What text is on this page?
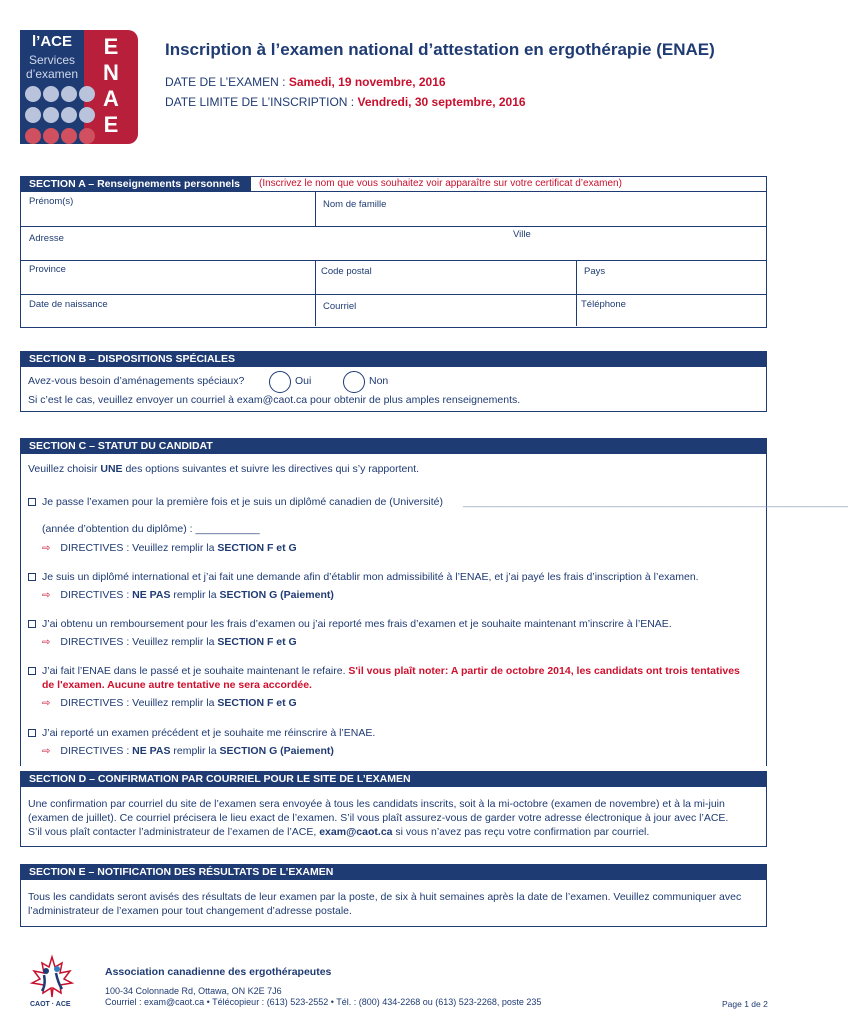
l’ACE
Services
d’examen

E
N
A
E
Inscription à l’examen national d’attestation en ergothérapie (ENAE)
DATE DE L’EXAMEN : Samedi, 19 novembre, 2016
DATE LIMITE DE L’INSCRIPTION : Vendredi, 30 septembre, 2016
SECTION A – Renseignements personnels	(Inscrivez le nom que vous souhaitez voir apparaître sur votre certificat d’examen)
Prénom(s)	Nom de famille
Adresse	Ville
Province	Code postal	Pays
Date de naissance	Courriel	Téléphone
SECTION B – DISPOSITIONS SPÉCIALES
Avez-vous besoin d’aménagements spéciaux?	Oui	Non
Si c’est le cas, veuillez envoyer un courriel à exam@caot.ca pour obtenir de plus amples renseignements.
SECTION C – STATUT DU CANDIDAT
Veuillez choisir UNE des options suivantes et suivre les directives qui s’y rapportent.
Je passe l’examen pour la première fois et je suis un diplômé canadien de (Université) __________________________________________________________________
(année d’obtention du diplôme) : ___________
⇨ DIRECTIVES : Veuillez remplir la SECTION F et G
Je suis un diplômé international et j’ai fait une demande afin d’établir mon admissibilité à l’ENAE, et j’ai payé les frais d’inscription à l’examen.
⇨ DIRECTIVES : NE PAS remplir la SECTION G (Paiement)
J’ai obtenu un remboursement pour les frais d’examen ou j’ai reporté mes frais d’examen et je souhaite maintenant m’inscrire à l’ENAE.
⇨ DIRECTIVES : Veuillez remplir la SECTION F et G
J’ai fait l’ENAE dans le passé et je souhaite maintenant le refaire. S'il vous plaît noter: A partir de octobre 2014, les candidats ont trois tentatives
de l'examen. Aucune autre tentative ne sera accordée.
⇨ DIRECTIVES : Veuillez remplir la SECTION F et G
J’ai reporté un examen précédent et je souhaite me réinscrire à l’ENAE.
⇨ DIRECTIVES : NE PAS remplir la SECTION G (Paiement)
SECTION D – CONFIRMATION PAR COURRIEL POUR LE SITE DE L’EXAMEN
Une confirmation par courriel du site de l’examen sera envoyée à tous les candidats inscrits, soit à la mi-octobre (examen de novembre) et à la mi-juin
(examen de juillet). Ce courriel précisera le lieu exact de l’examen. S’il vous plaît assurez-vous de garder votre adresse électronique à jour avec l’ACE.
S’il vous plaît contacter l’administrateur de l’examen de l’ACE, exam@caot.ca si vous n’avez pas reçu votre confirmation par courriel.
SECTION E – NOTIFICATION DES RÉSULTATS DE L’EXAMEN
Tous les candidats seront avisés des résultats de leur examen par la poste, de six à huit semaines après la date de l’examen. Veuillez communiquer avec
l’administrateur de l’examen pour tout changement d’adresse postale.
CAOT · ACE
Association canadienne des ergothérapeutes
100-34 Colonnade Rd, Ottawa, ON K2E 7J6
Courriel : exam@caot.ca • Télécopieur : (613) 523-2552 • Tél. : (800) 434-2268 ou (613) 523-2268, poste 235	Page 1 de 2
